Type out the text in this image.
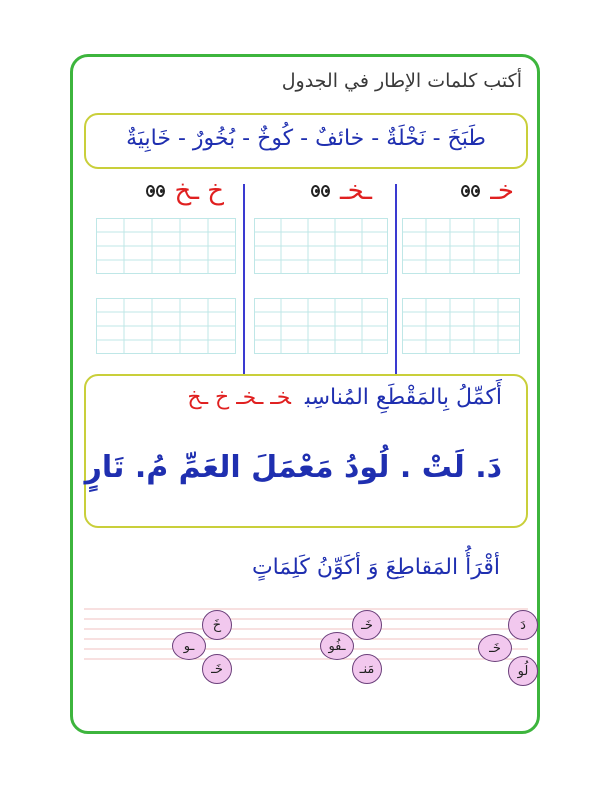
أكتب كلمات الإطار في الجدول
طَبَخَ - نَخْلَةٌ - خائفٌ - كُوخٌ - بُخُورٌ - خَابِيَةٌ
خـ
ـخـ
خ ـخ
أَكمِّلُ بِالمَقْطَعِ المُناسِبخـ ـخـ خ ـخ
دَ. لَتْ . لُودُ مَعْمَلَ العَمِّ مُ. تَارٍ
أقْرَأُ المَقاطِعَ وَ أكَوِّنُ كَلِمَاتٍ
دَ
خَـ
لُو
خَـ
ـفُو
مَنـ
خَ
ـو
خَـ
